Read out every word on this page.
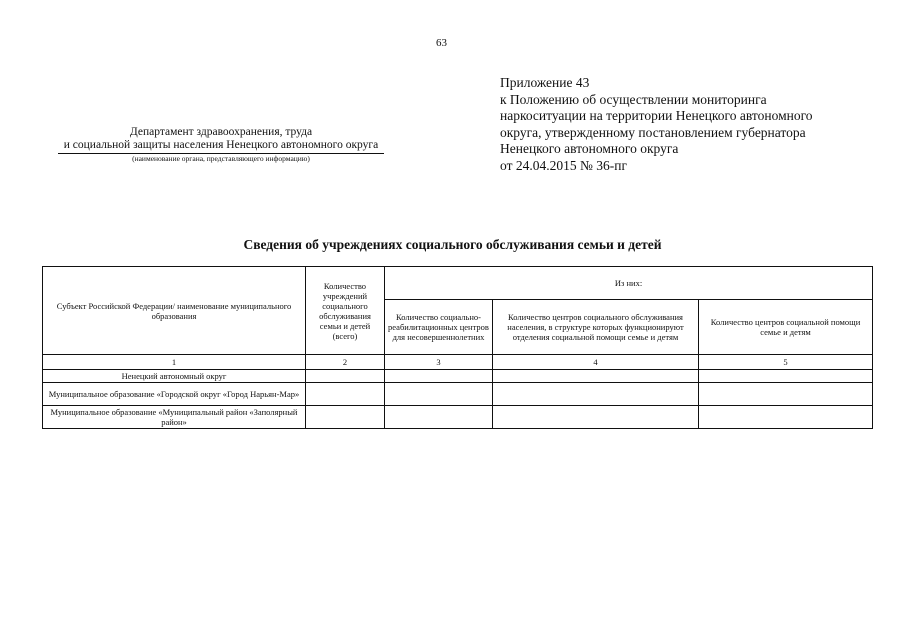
63
Приложение 43
к Положению об осуществлении мониторинга
наркоситуации на территории Ненецкого автономного
округа, утвержденному постановлением губернатора
Ненецкого автономного округа
от 24.04.2015 № 36-пг
Департамент здравоохранения, труда
и социальной защиты населения Ненецкого автономного округа
(наименование органа, представляющего информацию)
Сведения об учреждениях социального обслуживания семьи и детей
Субъект Российской Федерации/ наименование муниципального образования	Количество учреждений социального обслуживания семьи и детей (всего)	Из них:		
		Количество социально-реабилитационных центров для несовершеннолетних	Количество центров социального обслуживания населения, в структуре которых функционируют отделения социальной помощи семье и детям	Количество центров социальной помощи семье и детям
1	2	3	4	5
Ненецкий автономный округ				
Муниципальное образование «Городской округ «Город Нарьян-Мар»				
Муниципальное образование «Муниципальный район «Заполярный район»				
